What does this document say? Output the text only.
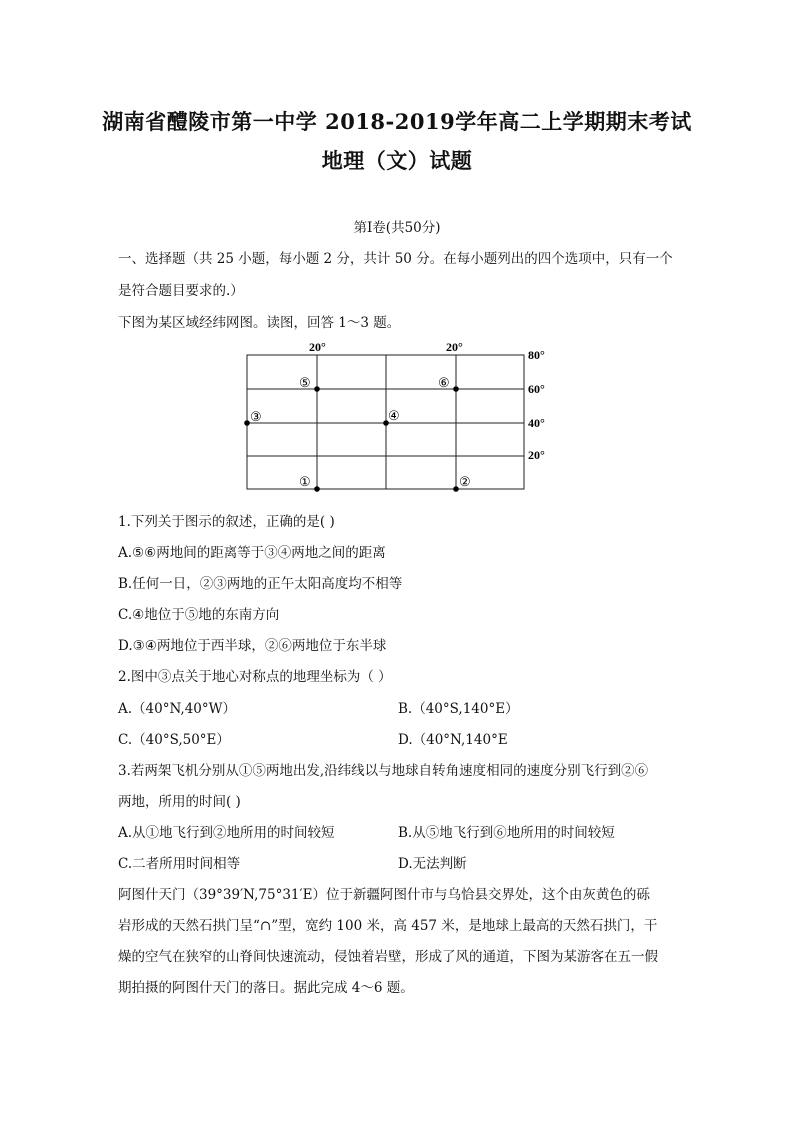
湖南省醴陵市第一中学 2018-2019学年高二上学期期末考试
地理（文）试题
第Ⅰ卷(共50分)
一、选择题（共 25 小题，每小题 2 分，共计 50 分。在每小题列出的四个选项中，只有一个
是符合题目要求的.）
下图为某区域经纬网图。读图，回答 1～3 题。
20°	20°
80°
60°
40°
20°
⑤	⑥
③	④
①	②
1.下列关于图示的叙述，正确的是( )
A.⑤⑥两地间的距离等于③④两地之间的距离
B.任何一日，②③两地的正午太阳高度均不相等
C.④地位于⑤地的东南方向
D.③④两地位于西半球，②⑥两地位于东半球
2.图中③点关于地心对称点的地理坐标为（ ）
A.（40°N,40°W）	B.（40°S,140°E）
C.（40°S,50°E）	D.（40°N,140°E
3.若两架飞机分别从①⑤两地出发,沿纬线以与地球自转角速度相同的速度分别飞行到②⑥
两地，所用的时间( )
A.从①地飞行到②地所用的时间较短	B.从⑤地飞行到⑥地所用的时间较短
C.二者所用时间相等	D.无法判断
阿图什天门（39°39′N,75°31′E）位于新疆阿图什市与乌恰县交界处，这个由灰黄色的砾
岩形成的天然石拱门呈“∩”型，宽约 100 米，高 457 米，是地球上最高的天然石拱门，干
燥的空气在狭窄的山脊间快速流动，侵蚀着岩壁，形成了风的通道，下图为某游客在五一假
期拍摄的阿图什天门的落日。据此完成 4～6 题。
